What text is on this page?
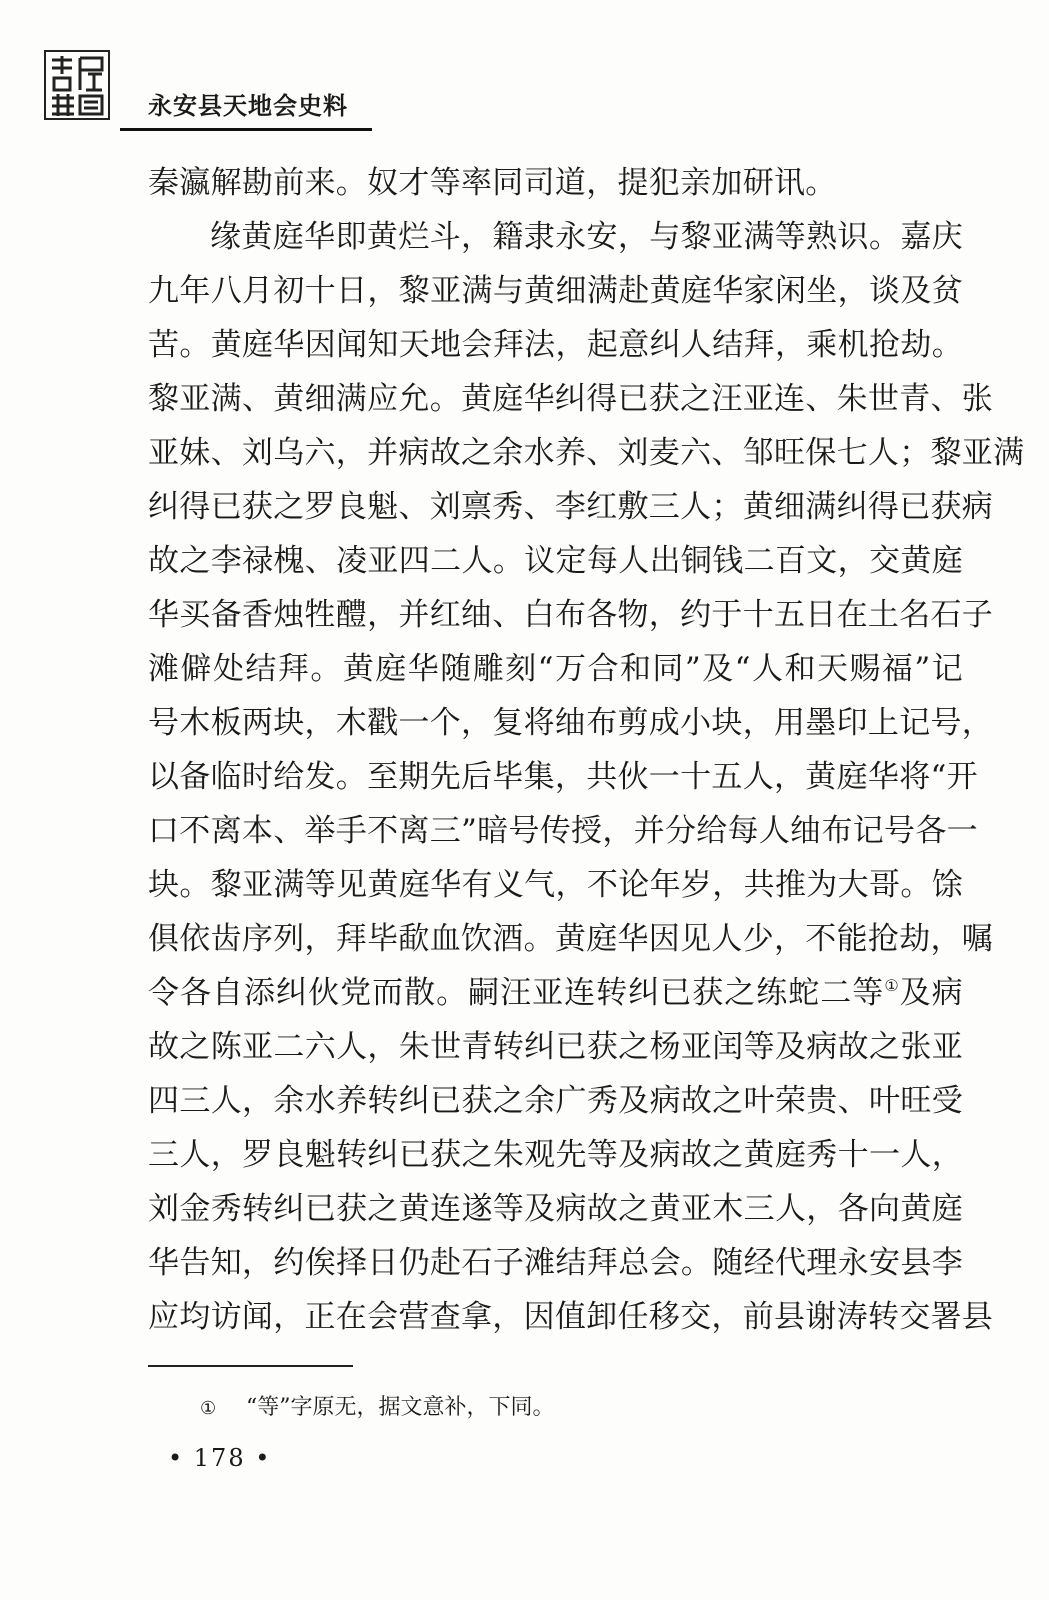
永安县天地会史料
秦瀛解勘前来。奴才等率同司道，提犯亲加研讯。
缘黄庭华即黄烂斗，籍隶永安，与黎亚满等熟识。嘉庆
九年八月初十日，黎亚满与黄细满赴黄庭华家闲坐，谈及贫
苦。黄庭华因闻知天地会拜法，起意纠人结拜，乘机抢劫。
黎亚满、黄细满应允。黄庭华纠得已获之汪亚连、朱世青、张
亚妹、刘乌六，并病故之余水养、刘麦六、邹旺保七人；黎亚满
纠得已获之罗良魁、刘禀秀、李红敷三人；黄细满纠得已获病
故之李禄槐、凌亚四二人。议定每人出铜钱二百文，交黄庭
华买备香烛牲醴，并红䌷、白布各物，约于十五日在土名石子
滩僻处结拜。黄庭华随雕刻“万合和同”及“人和天赐福”记
号木板两块，木戳一个，复将䌷布剪成小块，用墨印上记号，
以备临时给发。至期先后毕集，共伙一十五人，黄庭华将“开
口不离本、举手不离三”暗号传授，并分给每人䌷布记号各一
块。黎亚满等见黄庭华有义气，不论年岁，共推为大哥。馀
俱依齿序列，拜毕歃血饮酒。黄庭华因见人少，不能抢劫，嘱
令各自添纠伙党而散。嗣汪亚连转纠已获之练蛇二等①及病
故之陈亚二六人，朱世青转纠已获之杨亚闰等及病故之张亚
四三人，余水养转纠已获之余广秀及病故之叶荣贵、叶旺受
三人，罗良魁转纠已获之朱观先等及病故之黄庭秀十一人，
刘金秀转纠已获之黄连遂等及病故之黄亚木三人，各向黄庭
华告知，约俟择日仍赴石子滩结拜总会。随经代理永安县李
应均访闻，正在会营查拿，因值卸任移交，前县谢涛转交署县
① “等”字原无，据文意补，下同。
• 178 •
